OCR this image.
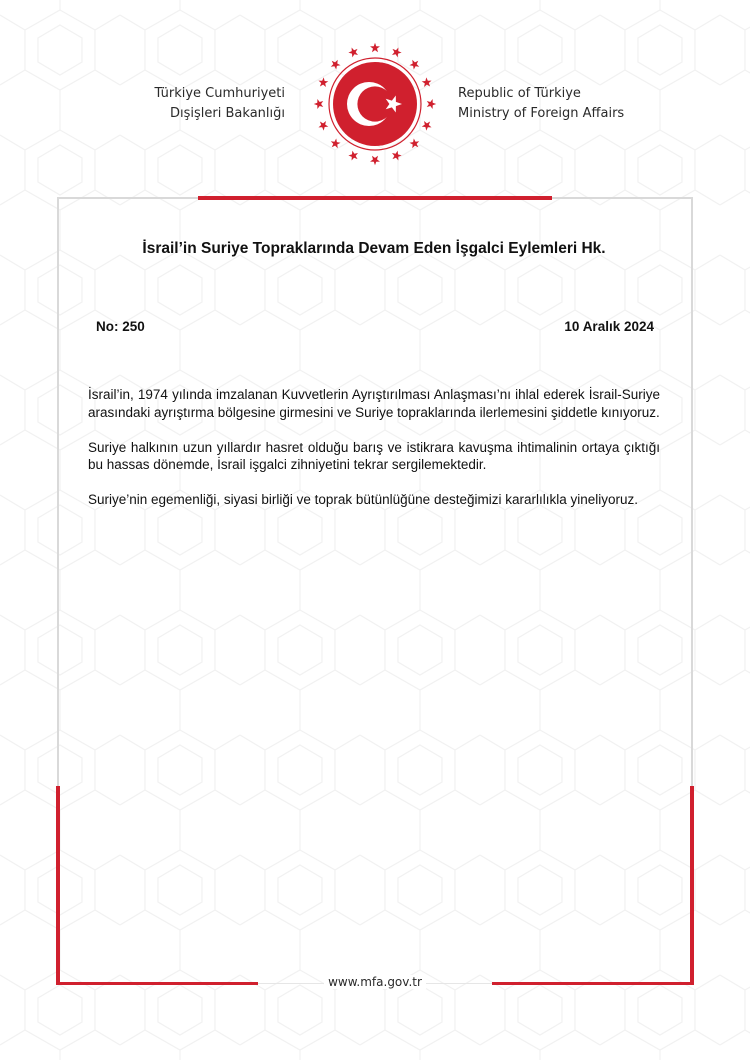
Türkiye Cumhuriyeti
Dışişleri Bakanlığı
Republic of Türkiye
Ministry of Foreign Affairs
İsrail’in Suriye Topraklarında Devam Eden İşgalci Eylemleri Hk.
No: 250	10 Aralık 2024

İsrail’in, 1974 yılında imzalanan Kuvvetlerin Ayrıştırılması Anlaşması’nı ihlal ederek İsrail-Suriye arasındaki ayrıştırma bölgesine girmesini ve Suriye topraklarında ilerlemesini şiddetle kınıyoruz.

Suriye halkının uzun yıllardır hasret olduğu barış ve istikrara kavuşma ihtimalinin ortaya çıktığı bu hassas dönemde, İsrail işgalci zihniyetini tekrar sergilemektedir.

Suriye’nin egemenliği, siyasi birliği ve toprak bütünlüğüne desteğimizi kararlılıkla yineliyoruz.

www.mfa.gov.tr
